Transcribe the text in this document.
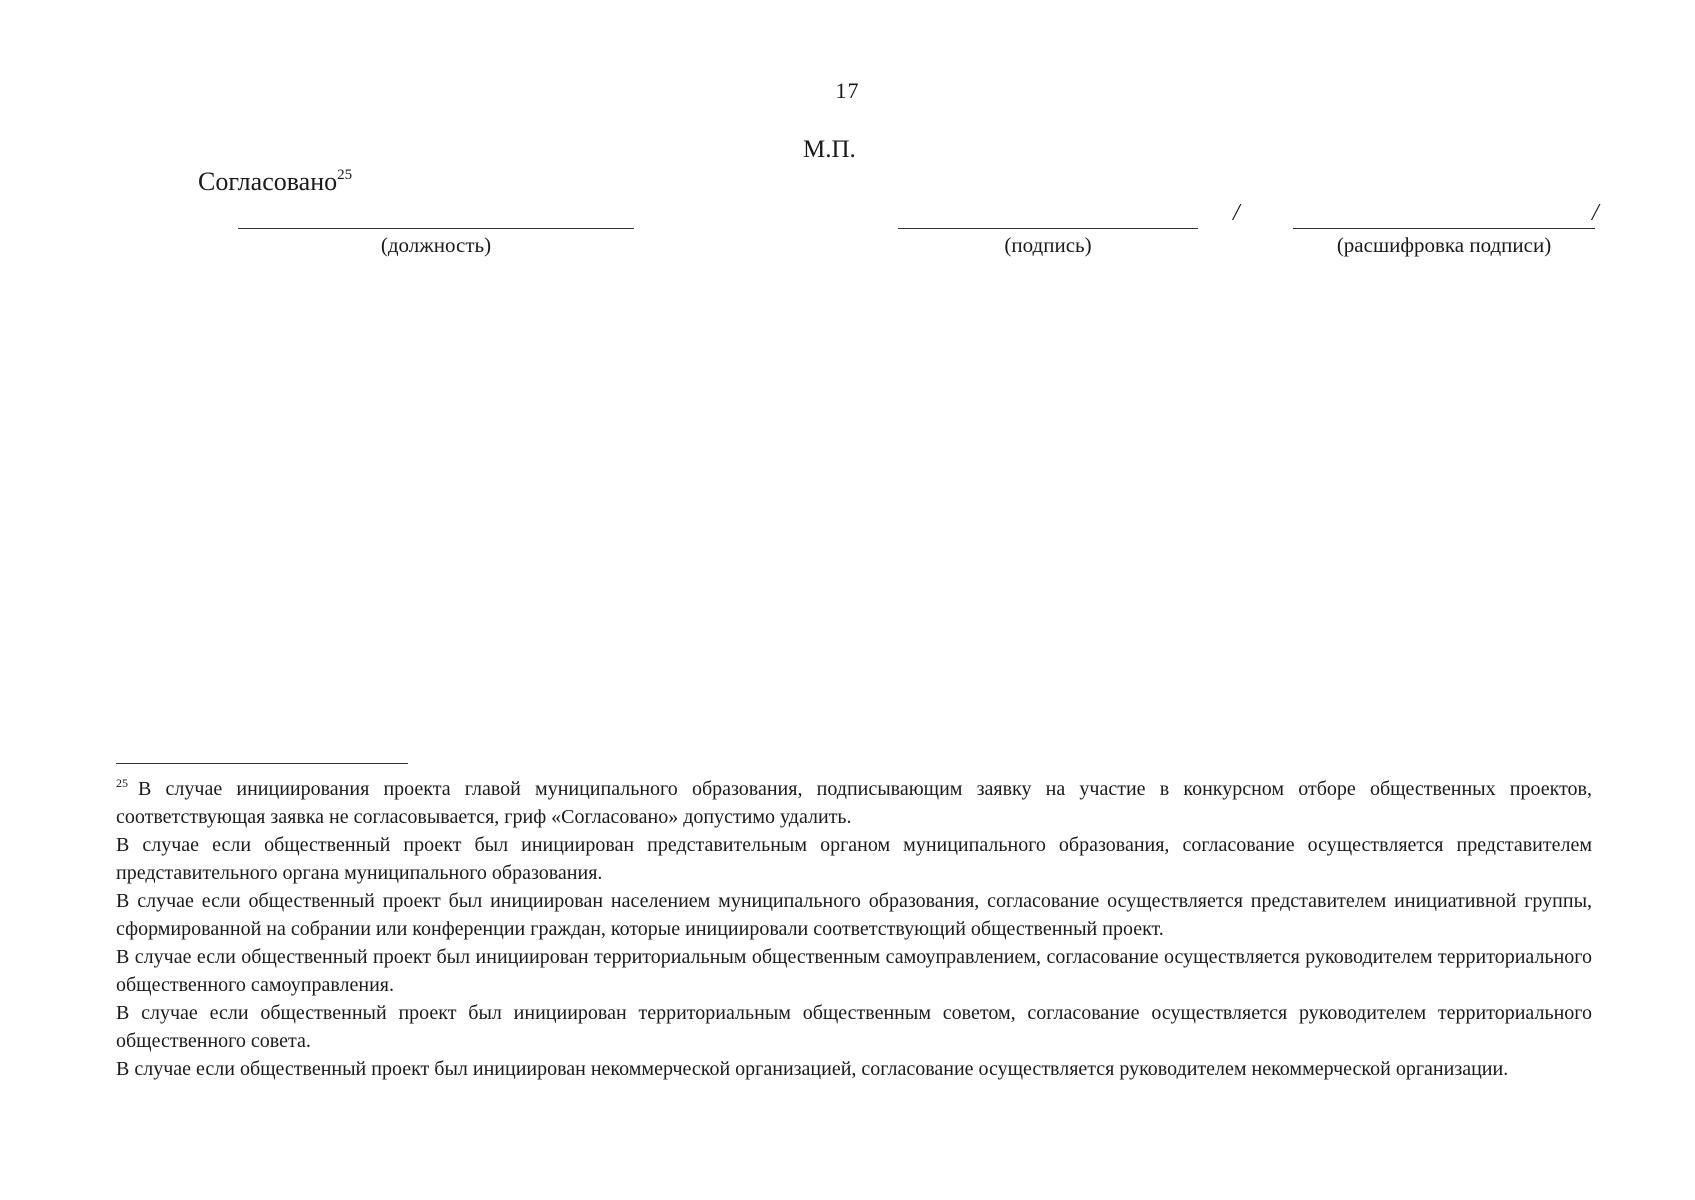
17
М.П.
Согласовано$^{25}$
(должность)	(подпись)
/	/
(расшифровка подписи)

$^{25}$ В случае инициирования проекта главой муниципального образования, подписывающим заявку на участие в конкурсном отборе общественных проектов, соответствующая заявка не согласовывается, гриф «Согласовано» допустимо удалить.

В случае если общественный проект был инициирован представительным органом муниципального образования, согласование осуществляется представителем представительного органа муниципального образования.

В случае если общественный проект был инициирован населением муниципального образования, согласование осуществляется представителем инициативной группы, сформированной на собрании или конференции граждан, которые инициировали соответствующий общественный проект.

В случае если общественный проект был инициирован территориальным общественным самоуправлением, согласование осуществляется руководителем территориального общественного самоуправления.

В случае если общественный проект был инициирован территориальным общественным советом, согласование осуществляется руководителем территориального общественного совета.

В случае если общественный проект был инициирован некоммерческой организацией, согласование осуществляется руководителем некоммерческой организации.
